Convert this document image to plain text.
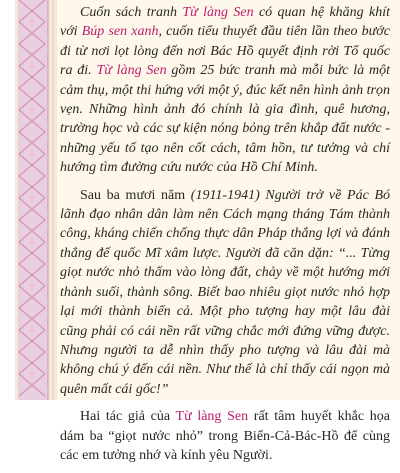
Cuốn sách tranh Từ làng Sen có quan hệ khăng khít với Búp sen xanh, cuốn tiểu thuyết đầu tiên lần theo bước đi từ nơi lọt lòng đến nơi Bác Hồ quyết định rời Tổ quốc ra đi. Từ làng Sen gồm 25 bức tranh mà mỗi bức là một cảm thụ, một thi hứng với một ý, đúc kết nên hình ảnh trọn vẹn. Những hình ảnh đó chính là gia đình, quê hương, trường học và các sự kiện nóng bỏng trên khắp đất nước - những yếu tố tạo nên cốt cách, tâm hồn, tư tưởng và chí hướng tìm đường cứu nước của Hồ Chí Minh.

Sau ba mươi năm (1911-1941) Người trở về Pác Bó lãnh đạo nhân dân làm nên Cách mạng tháng Tám thành công, kháng chiến chống thực dân Pháp thắng lợi và đánh thắng đế quốc Mĩ xâm lược. Người đã căn dặn: “... Từng giọt nước nhỏ thấm vào lòng đất, chảy về một hướng mới thành suối, thành sông. Biết bao nhiêu giọt nước nhỏ hợp lại mới thành biển cả. Một pho tượng hay một lâu đài cũng phải có cái nền rất vững chắc mới đứng vững được. Nhưng người ta dễ nhìn thấy pho tượng và lâu đài mà không chú ý đến cái nền. Như thế là chỉ thấy cái ngọn mà quên mất cái gốc!”

Hai tác giả của Từ làng Sen rất tâm huyết khắc họa dám ba “giọt nước nhỏ” trong Biển-Cả-Bác-Hồ để cùng các em tưởng nhớ và kính yêu Người.
